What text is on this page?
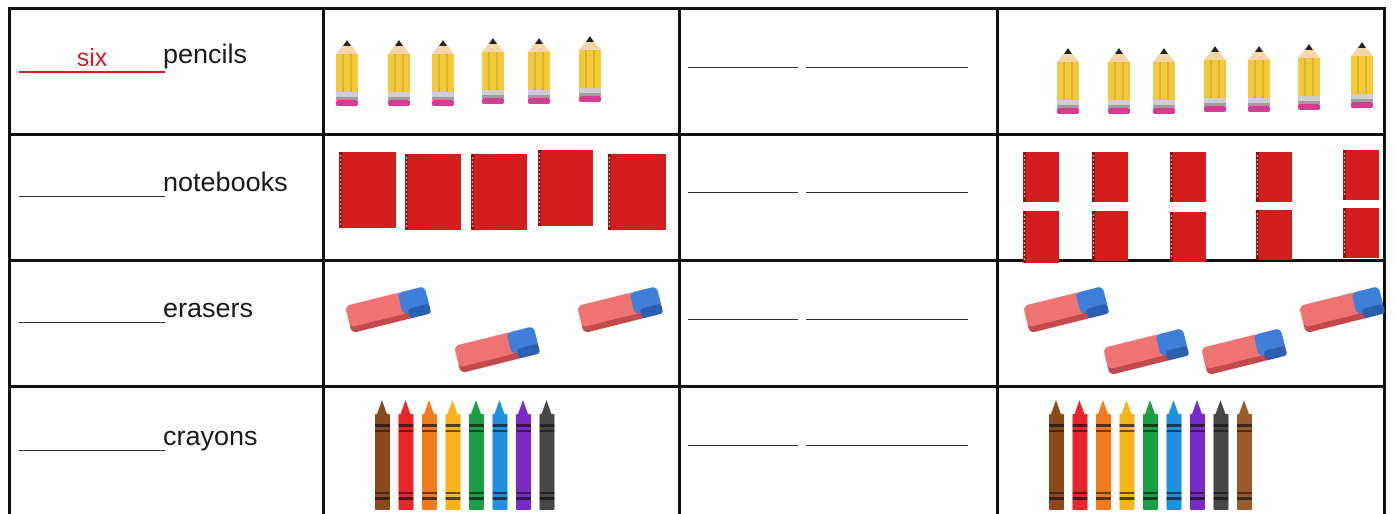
six	pencils
notebooks
erasers
crayons
